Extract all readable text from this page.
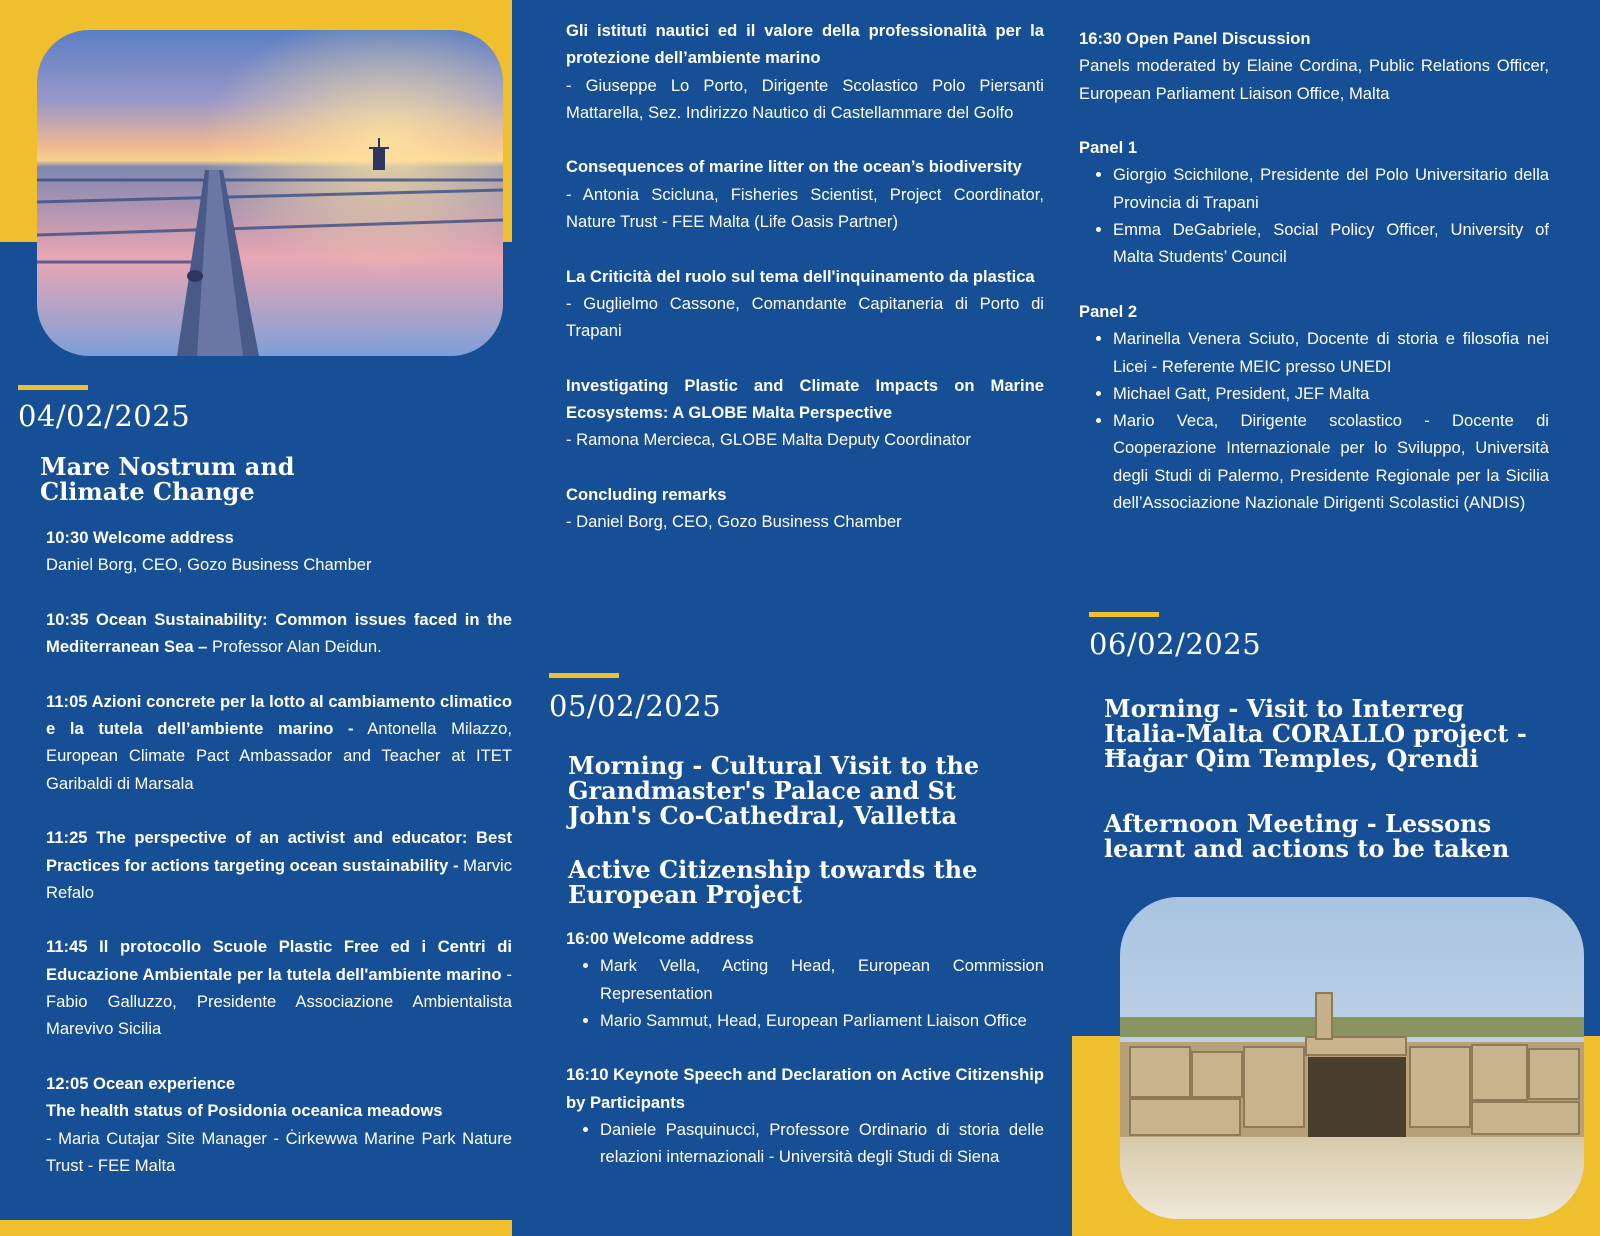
04/02/2025
Mare Nostrum and Climate Change

10:30 Welcome address
Daniel Borg, CEO, Gozo Business Chamber

10:35 Ocean Sustainability: Common issues faced in the Mediterranean Sea – Professor Alan Deidun.

11:05 Azioni concrete per la lotto al cambiamento climatico e la tutela dell’ambiente marino - Antonella Milazzo, European Climate Pact Ambassador and Teacher at ITET Garibaldi di Marsala

11:25 The perspective of an activist and educator: Best Practices for actions targeting ocean sustainability - Marvic Refalo

11:45 Il protocollo Scuole Plastic Free ed i Centri di Educazione Ambientale per la tutela dell'ambiente marino - Fabio Galluzzo, Presidente Associazione Ambientalista Marevivo Sicilia

12:05 Ocean experience
The health status of Posidonia oceanica meadows
- Maria Cutajar Site Manager - Ċirkewwa Marine Park Nature Trust - FEE Malta

Gli istituti nautici ed il valore della professionalità per la protezione dell’ambiente marino
- Giuseppe Lo Porto, Dirigente Scolastico Polo Piersanti Mattarella, Sez. Indirizzo Nautico di Castellammare del Golfo

Consequences of marine litter on the ocean’s biodiversity
- Antonia Scicluna, Fisheries Scientist, Project Coordinator, Nature Trust - FEE Malta (Life Oasis Partner)

La Criticità del ruolo sul tema dell'inquinamento da plastica
- Guglielmo Cassone, Comandante Capitaneria di Porto di Trapani

Investigating Plastic and Climate Impacts on Marine Ecosystems: A GLOBE Malta Perspective
- Ramona Mercieca, GLOBE Malta Deputy Coordinator

Concluding remarks
- Daniel Borg, CEO, Gozo Business Chamber

05/02/2025
Morning - Cultural Visit to the Grandmaster's Palace and St John's Co-Cathedral, Valletta
Active Citizenship towards the European Project
16:00 Welcome address
• Mark Vella, Acting Head, European Commission Representation
• Mario Sammut, Head, European Parliament Liaison Office
16:10 Keynote Speech and Declaration on Active Citizenship by Participants
• Daniele Pasquinucci, Professore Ordinario di storia delle relazioni internazionali - Università degli Studi di Siena
16:30 Open Panel Discussion

Panels moderated by Elaine Cordina, Public Relations Officer, European Parliament Liaison Office, Malta

Panel 1
• Giorgio Scichilone, Presidente del Polo Universitario della Provincia di Trapani
• Emma DeGabriele, Social Policy Officer, University of Malta Students’ Council
Panel 2
• Marinella Venera Sciuto, Docente di storia e filosofia nei Licei - Referente MEIC presso UNEDI
• Michael Gatt, President, JEF Malta
• Mario Veca, Dirigente scolastico - Docente di Cooperazione Internazionale per lo Sviluppo, Università degli Studi di Palermo, Presidente Regionale per la Sicilia dell’Associazione Nazionale Dirigenti Scolastici (ANDIS)
06/02/2025
Morning - Visit to Interreg Italia-Malta CORALLO project - Ħaġar Qim Temples, Qrendi
Afternoon Meeting - Lessons learnt and actions to be taken
